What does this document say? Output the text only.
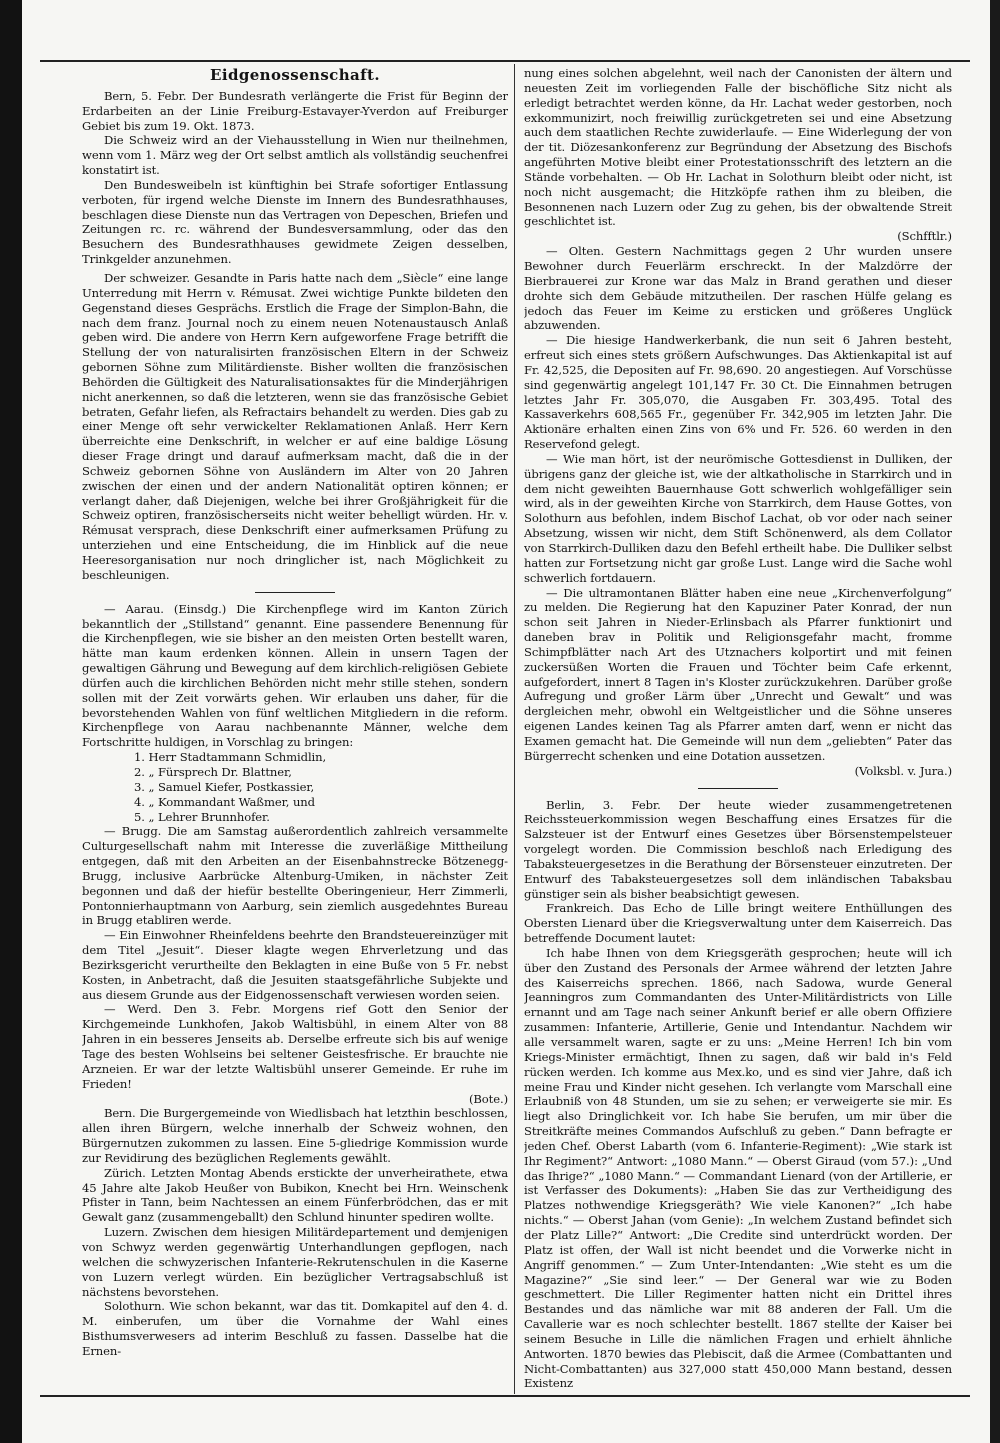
Eidgenossenschaft.

Bern, 5. Febr. Der Bundesrath verlängerte die Frist für Beginn der Erdarbeiten an der Linie Freiburg-Estavayer-Yverdon auf Freiburger Gebiet bis zum 19. Okt. 1873.

Die Schweiz wird an der Viehausstellung in Wien nur theilnehmen, wenn vom 1. März weg der Ort selbst amtlich als vollständig seuchenfrei konstatirt ist.

Den Bundesweibeln ist künftighin bei Strafe sofortiger Entlassung verboten, für irgend welche Dienste im Innern des Bundesrathhauses, beschlagen diese Dienste nun das Vertragen von Depeschen, Briefen und Zeitungen rc. rc. während der Bundesversammlung, oder das den Besuchern des Bundesrathhauses gewidmete Zeigen desselben, Trinkgelder anzunehmen.

Der schweizer. Gesandte in Paris hatte nach dem „Siècle“ eine lange Unterredung mit Herrn v. Rémusat. Zwei wichtige Punkte bildeten den Gegenstand dieses Gesprächs. Erstlich die Frage der Simplon-Bahn, die nach dem franz. Journal noch zu einem neuen Notenaustausch Anlaß geben wird. Die andere von Herrn Kern aufgeworfene Frage betrifft die Stellung der von naturalisirten französischen Eltern in der Schweiz gebornen Söhne zum Militärdienste. Bisher wollten die französischen Behörden die Gültigkeit des Naturalisationsaktes für die Minderjährigen nicht anerkennen, so daß die letzteren, wenn sie das französische Gebiet betraten, Gefahr liefen, als Refractairs behandelt zu werden. Dies gab zu einer Menge oft sehr verwickelter Reklamationen Anlaß. Herr Kern überreichte eine Denkschrift, in welcher er auf eine baldige Lösung dieser Frage dringt und darauf aufmerksam macht, daß die in der Schweiz gebornen Söhne von Ausländern im Alter von 20 Jahren zwischen der einen und der andern Nationalität optiren können; er verlangt daher, daß Diejenigen, welche bei ihrer Großjährigkeit für die Schweiz optiren, französischerseits nicht weiter behelligt würden. Hr. v. Rémusat versprach, diese Denkschrift einer aufmerksamen Prüfung zu unterziehen und eine Entscheidung, die im Hinblick auf die neue Heeresorganisation nur noch dringlicher ist, nach Möglichkeit zu beschleunigen.

— Aarau. (Einsdg.) Die Kirchenpflege wird im Kanton Zürich bekanntlich der „Stillstand“ genannt. Eine passendere Benennung für die Kirchenpflegen, wie sie bisher an den meisten Orten bestellt waren, hätte man kaum erdenken können. Allein in unsern Tagen der gewaltigen Gährung und Bewegung auf dem kirchlich-religiösen Gebiete dürfen auch die kirchlichen Behörden nicht mehr stille stehen, sondern sollen mit der Zeit vorwärts gehen. Wir erlauben uns daher, für die bevorstehenden Wahlen von fünf weltlichen Mitgliedern in die reform. Kirchenpflege von Aarau nachbenannte Männer, welche dem Fortschritte huldigen, in Vorschlag zu bringen:

1. Herr Stadtammann Schmidlin,
2. „ Fürsprech Dr. Blattner,
3. „ Samuel Kiefer, Postkassier,
4. „ Kommandant Waßmer, und
5. „ Lehrer Brunnhofer.

— Brugg. Die am Samstag außerordentlich zahlreich versammelte Culturgesellschaft nahm mit Interesse die zuverläßige Mittheilung entgegen, daß mit den Arbeiten an der Eisenbahnstrecke Bötzenegg-Brugg, inclusive Aarbrücke Altenburg-Umiken, in nächster Zeit begonnen und daß der hiefür bestellte Oberingenieur, Herr Zimmerli, Pontonnierhauptmann von Aarburg, sein ziemlich ausgedehntes Bureau in Brugg etabliren werde.

— Ein Einwohner Rheinfeldens beehrte den Brandsteuereinzüger mit dem Titel „Jesuit“. Dieser klagte wegen Ehrverletzung und das Bezirksgericht verurtheilte den Beklagten in eine Buße von 5 Fr. nebst Kosten, in Anbetracht, daß die Jesuiten staatsgefährliche Subjekte und aus diesem Grunde aus der Eidgenossenschaft verwiesen worden seien.

— Werd. Den 3. Febr. Morgens rief Gott den Senior der Kirchgemeinde Lunkhofen, Jakob Waltisbühl, in einem Alter von 88 Jahren in ein besseres Jenseits ab. Derselbe erfreute sich bis auf wenige Tage des besten Wohlseins bei seltener Geistesfrische. Er brauchte nie Arzneien. Er war der letzte Waltisbühl unserer Gemeinde. Er ruhe im Frieden!

(Bote.)

Bern. Die Burgergemeinde von Wiedlisbach hat letzthin beschlossen, allen ihren Bürgern, welche innerhalb der Schweiz wohnen, den Bürgernutzen zukommen zu lassen. Eine 5-gliedrige Kommission wurde zur Revidirung des bezüglichen Reglements gewählt.

Zürich. Letzten Montag Abends erstickte der unverheirathete, etwa 45 Jahre alte Jakob Heußer von Bubikon, Knecht bei Hrn. Weinschenk Pfister in Tann, beim Nachtessen an einem Fünferbrödchen, das er mit Gewalt ganz (zusammengeballt) den Schlund hinunter spediren wollte.

Luzern. Zwischen dem hiesigen Militärdepartement und demjenigen von Schwyz werden gegenwärtig Unterhandlungen gepflogen, nach welchen die schwyzerischen Infanterie-Rekrutenschulen in die Kaserne von Luzern verlegt würden. Ein bezüglicher Vertragsabschluß ist nächstens bevorstehen.

Solothurn. Wie schon bekannt, war das tit. Domkapitel auf den 4. d. M. einberufen, um über die Vornahme der Wahl eines Bisthumsverwesers ad interim Beschluß zu fassen. Dasselbe hat die Ernen-

nung eines solchen abgelehnt, weil nach der Canonisten der ältern und neuesten Zeit im vorliegenden Falle der bischöfliche Sitz nicht als erledigt betrachtet werden könne, da Hr. Lachat weder gestorben, noch exkommunizirt, noch freiwillig zurückgetreten sei und eine Absetzung auch dem staatlichen Rechte zuwiderlaufe. — Eine Widerlegung der von der tit. Diözesankonferenz zur Begründung der Absetzung des Bischofs angeführten Motive bleibt einer Protestationsschrift des letztern an die Stände vorbehalten. — Ob Hr. Lachat in Solothurn bleibt oder nicht, ist noch nicht ausgemacht; die Hitzköpfe rathen ihm zu bleiben, die Besonnenen nach Luzern oder Zug zu gehen, bis der obwaltende Streit geschlichtet ist.

(Schfftlr.)

— Olten. Gestern Nachmittags gegen 2 Uhr wurden unsere Bewohner durch Feuerlärm erschreckt. In der Malzdörre der Bierbrauerei zur Krone war das Malz in Brand gerathen und dieser drohte sich dem Gebäude mitzutheilen. Der raschen Hülfe gelang es jedoch das Feuer im Keime zu ersticken und größeres Unglück abzuwenden.

— Die hiesige Handwerkerbank, die nun seit 6 Jahren besteht, erfreut sich eines stets größern Aufschwunges. Das Aktienkapital ist auf Fr. 42,525, die Depositen auf Fr. 98,690. 20 angestiegen. Auf Vorschüsse sind gegenwärtig angelegt 101,147 Fr. 30 Ct. Die Einnahmen betrugen letztes Jahr Fr. 305,070, die Ausgaben Fr. 303,495. Total des Kassaverkehrs 608,565 Fr., gegenüber Fr. 342,905 im letzten Jahr. Die Aktionäre erhalten einen Zins von 6% und Fr. 526. 60 werden in den Reservefond gelegt.

— Wie man hört, ist der neurömische Gottesdienst in Dulliken, der übrigens ganz der gleiche ist, wie der altkatholische in Starrkirch und in dem nicht geweihten Bauernhause Gott schwerlich wohlgefälliger sein wird, als in der geweihten Kirche von Starrkirch, dem Hause Gottes, von Solothurn aus befohlen, indem Bischof Lachat, ob vor oder nach seiner Absetzung, wissen wir nicht, dem Stift Schönenwerd, als dem Collator von Starrkirch-Dulliken dazu den Befehl ertheilt habe. Die Dulliker selbst hatten zur Fortsetzung nicht gar große Lust. Lange wird die Sache wohl schwerlich fortdauern.

— Die ultramontanen Blätter haben eine neue „Kirchenverfolgung“ zu melden. Die Regierung hat den Kapuziner Pater Konrad, der nun schon seit Jahren in Nieder-Erlinsbach als Pfarrer funktionirt und daneben brav in Politik und Religionsgefahr macht, fromme Schimpfblätter nach Art des Utznachers kolportirt und mit feinen zuckersüßen Worten die Frauen und Töchter beim Cafe erkennt, aufgefordert, innert 8 Tagen in's Kloster zurückzukehren. Darüber große Aufregung und großer Lärm über „Unrecht und Gewalt“ und was dergleichen mehr, obwohl ein Weltgeistlicher und die Söhne unseres eigenen Landes keinen Tag als Pfarrer amten darf, wenn er nicht das Examen gemacht hat. Die Gemeinde will nun dem „geliebten“ Pater das Bürgerrecht schenken und eine Dotation aussetzen.

(Volksbl. v. Jura.)

Berlin, 3. Febr. Der heute wieder zusammengetretenen Reichssteuerkommission wegen Beschaffung eines Ersatzes für die Salzsteuer ist der Entwurf eines Gesetzes über Börsenstempelsteuer vorgelegt worden. Die Commission beschloß nach Erledigung des Tabaksteuergesetzes in die Berathung der Börsensteuer einzutreten. Der Entwurf des Tabaksteuergesetzes soll dem inländischen Tabaksbau günstiger sein als bisher beabsichtigt gewesen.

Frankreich. Das Echo de Lille bringt weitere Enthüllungen des Obersten Lienard über die Kriegsverwaltung unter dem Kaiserreich. Das betreffende Document lautet:

Ich habe Ihnen von dem Kriegsgeräth gesprochen; heute will ich über den Zustand des Personals der Armee während der letzten Jahre des Kaiserreichs sprechen. 1866, nach Sadowa, wurde General Jeanningros zum Commandanten des Unter-Militärdistricts von Lille ernannt und am Tage nach seiner Ankunft berief er alle obern Offiziere zusammen: Infanterie, Artillerie, Genie und Intendantur. Nachdem wir alle versammelt waren, sagte er zu uns: „Meine Herren! Ich bin vom Kriegs-Minister ermächtigt, Ihnen zu sagen, daß wir bald in's Feld rücken werden. Ich komme aus Mex.ko, und es sind vier Jahre, daß ich meine Frau und Kinder nicht gesehen. Ich verlangte vom Marschall eine Erlaubniß von 48 Stunden, um sie zu sehen; er verweigerte sie mir. Es liegt also Dringlichkeit vor. Ich habe Sie berufen, um mir über die Streitkräfte meines Commandos Aufschluß zu geben.“ Dann befragte er jeden Chef. Oberst Labarth (vom 6. Infanterie-Regiment): „Wie stark ist Ihr Regiment?“ Antwort: „1080 Mann.“ — Oberst Giraud (vom 57.): „Und das Ihrige?“ „1080 Mann.“ — Commandant Lienard (von der Artillerie, er ist Verfasser des Dokuments): „Haben Sie das zur Vertheidigung des Platzes nothwendige Kriegsgeräth? Wie viele Kanonen?“ „Ich habe nichts.“ — Oberst Jahan (vom Genie): „In welchem Zustand befindet sich der Platz Lille?“ Antwort: „Die Credite sind unterdrückt worden. Der Platz ist offen, der Wall ist nicht beendet und die Vorwerke nicht in Angriff genommen.“ — Zum Unter-Intendanten: „Wie steht es um die Magazine?“ „Sie sind leer.“ — Der General war wie zu Boden geschmettert. Die Liller Regimenter hatten nicht ein Drittel ihres Bestandes und das nämliche war mit 88 anderen der Fall. Um die Cavallerie war es noch schlechter bestellt. 1867 stellte der Kaiser bei seinem Besuche in Lille die nämlichen Fragen und erhielt ähnliche Antworten. 1870 bewies das Plebiscit, daß die Armee (Combattanten und Nicht-Combattanten) aus 327,000 statt 450,000 Mann bestand, dessen Existenz
